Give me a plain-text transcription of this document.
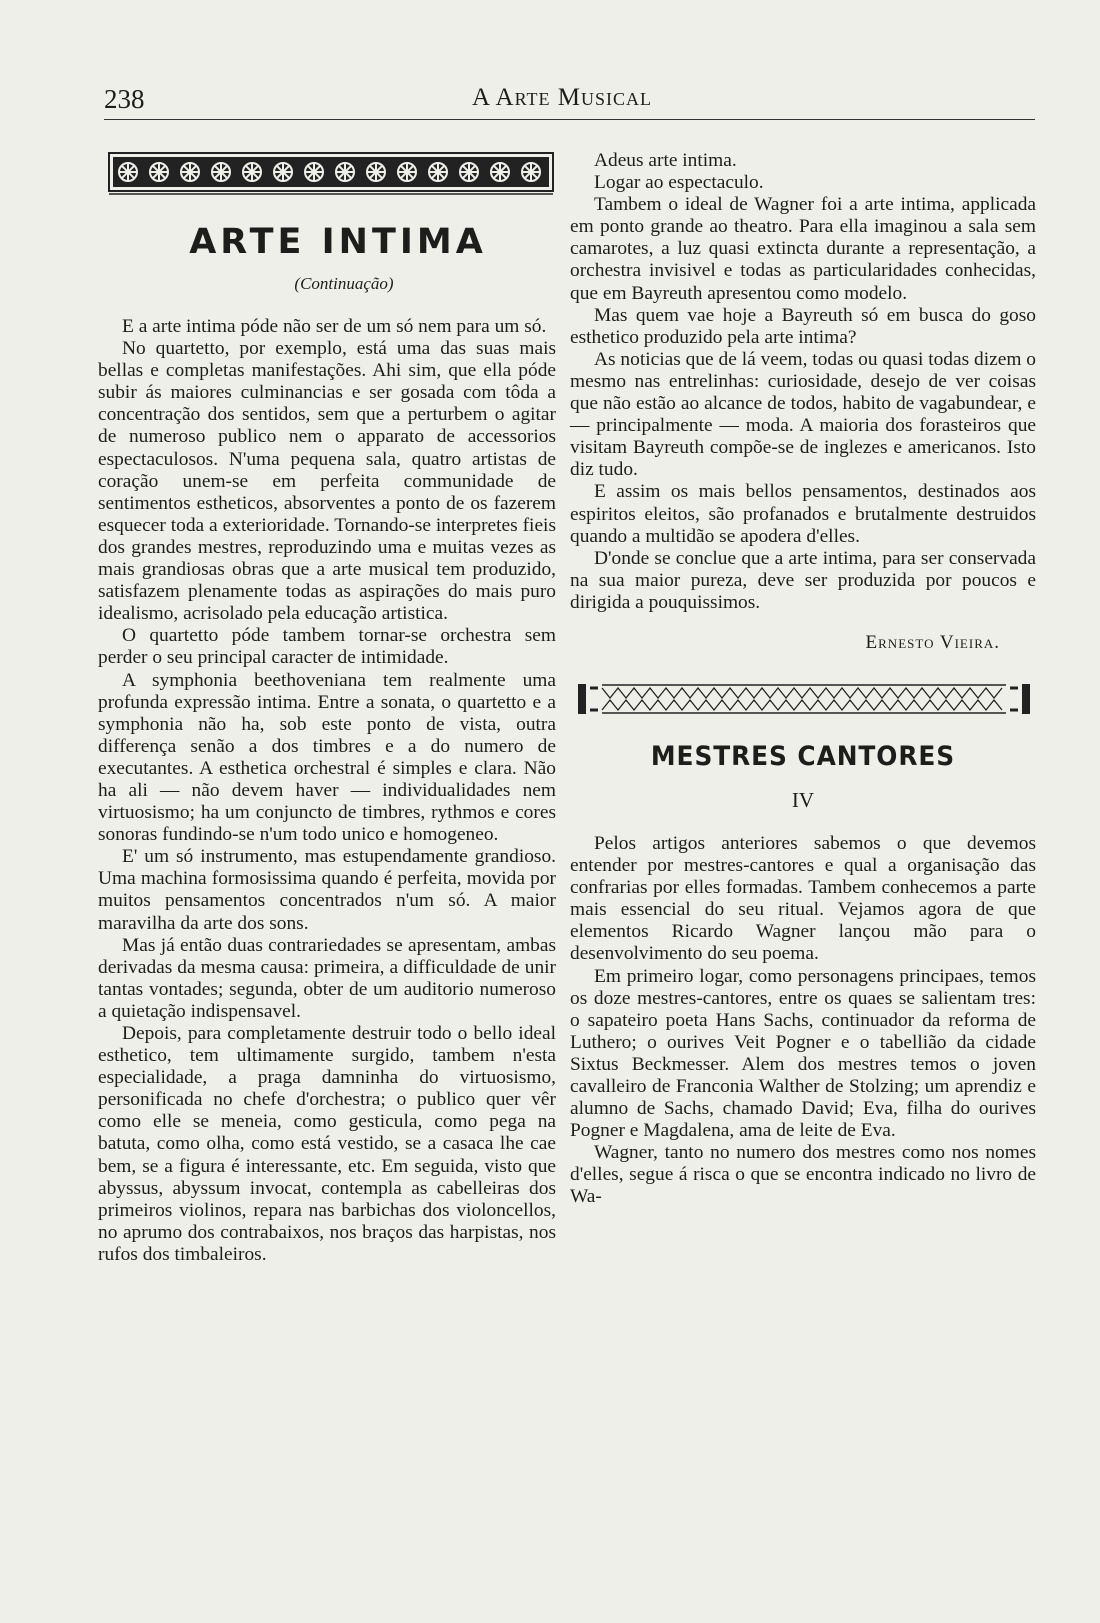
238	A Arte Musical
ARTE INTIMA
(Continuação)

E a arte intima póde não ser de um só nem para um só.

No quartetto, por exemplo, está uma das suas mais bellas e completas manifestações. Ahi sim, que ella póde subir ás maiores culminancias e ser gosada com tôda a concentração dos sentidos, sem que a perturbem o agitar de numeroso publico nem o apparato de accessorios espectaculosos. N'uma pequena sala, quatro artistas de coração unem-se em perfeita communidade de sentimentos estheticos, absorventes a ponto de os fazerem esquecer toda a exterioridade. Tornando-se interpretes fieis dos grandes mestres, reproduzindo uma e muitas vezes as mais grandiosas obras que a arte musical tem produzido, satisfazem plenamente todas as aspirações do mais puro idealismo, acrisolado pela educação artistica.

O quartetto póde tambem tornar-se orchestra sem perder o seu principal caracter de intimidade.

A symphonia beethoveniana tem realmente uma profunda expressão intima. Entre a sonata, o quartetto e a symphonia não ha, sob este ponto de vista, outra differença senão a dos timbres e a do numero de executantes. A esthetica orchestral é simples e clara. Não ha ali — não devem haver — individualidades nem virtuosismo; ha um conjuncto de timbres, rythmos e cores sonoras fundindo-se n'um todo unico e homogeneo.

E' um só instrumento, mas estupendamente grandioso. Uma machina formosissima quando é perfeita, movida por muitos pensamentos concentrados n'um só. A maior maravilha da arte dos sons.

Mas já então duas contrariedades se apresentam, ambas derivadas da mesma causa: primeira, a difficuldade de unir tantas vontades; segunda, obter de um auditorio numeroso a quietação indispensavel.

Depois, para completamente destruir todo o bello ideal esthetico, tem ultimamente surgido, tambem n'esta especialidade, a praga damninha do virtuosismo, personificada no chefe d'orchestra; o publico quer vêr como elle se meneia, como gesticula, como pega na batuta, como olha, como está vestido, se a casaca lhe cae bem, se a figura é interessante, etc. Em seguida, visto que abyssus, abyssum invocat, contempla as cabelleiras dos primeiros violinos, repara nas barbichas dos violoncellos, no aprumo dos contrabaixos, nos braços das harpistas, nos rufos dos timbaleiros.

Adeus arte intima.

Logar ao espectaculo.

Tambem o ideal de Wagner foi a arte intima, applicada em ponto grande ao theatro. Para ella imaginou a sala sem camarotes, a luz quasi extincta durante a representação, a orchestra invisivel e todas as particularidades conhecidas, que em Bayreuth apresentou como modelo.

Mas quem vae hoje a Bayreuth só em busca do goso esthetico produzido pela arte intima?

As noticias que de lá veem, todas ou quasi todas dizem o mesmo nas entrelinhas: curiosidade, desejo de ver coisas que não estão ao alcance de todos, habito de vagabundear, e — principalmente — moda. A maioria dos forasteiros que visitam Bayreuth compõe-se de inglezes e americanos. Isto diz tudo.

E assim os mais bellos pensamentos, destinados aos espiritos eleitos, são profanados e brutalmente destruidos quando a multidão se apodera d'elles.

D'onde se conclue que a arte intima, para ser conservada na sua maior pureza, deve ser produzida por poucos e dirigida a pouquissimos.

Ernesto Vieira.
MESTRES CANTORES
IV

Pelos artigos anteriores sabemos o que devemos entender por mestres-cantores e qual a organisação das confrarias por elles formadas. Tambem conhecemos a parte mais essencial do seu ritual. Vejamos agora de que elementos Ricardo Wagner lançou mão para o desenvolvimento do seu poema.

Em primeiro logar, como personagens principaes, temos os doze mestres-cantores, entre os quaes se salientam tres: o sapateiro poeta Hans Sachs, continuador da reforma de Luthero; o ourives Veit Pogner e o tabellião da cidade Sixtus Beckmesser. Alem dos mestres temos o joven cavalleiro de Franconia Walther de Stolzing; um aprendiz e alumno de Sachs, chamado David; Eva, filha do ourives Pogner e Magdalena, ama de leite de Eva.

Wagner, tanto no numero dos mestres como nos nomes d'elles, segue á risca o que se encontra indicado no livro de Wa-
